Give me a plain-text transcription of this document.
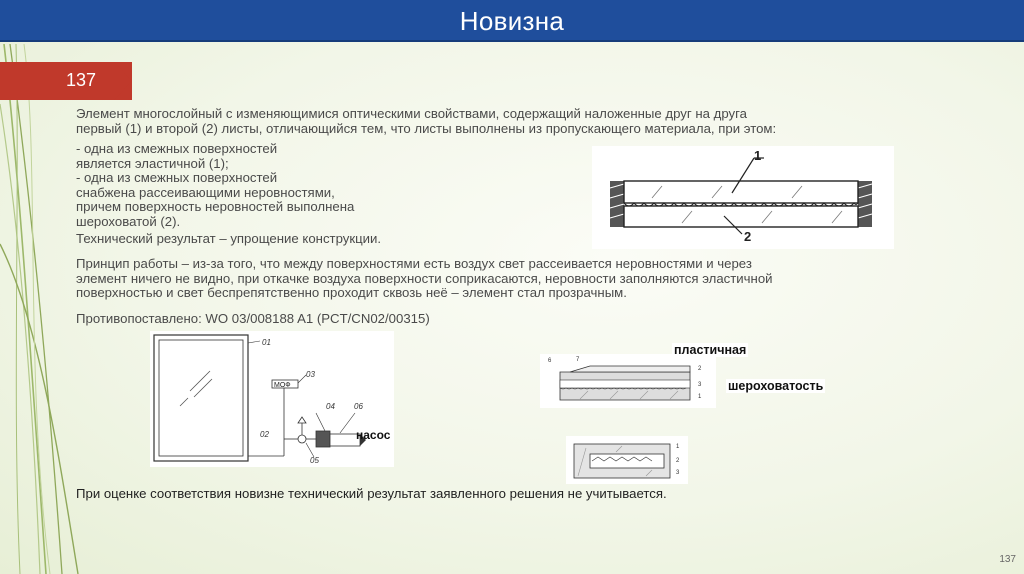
Новизна
137
Элемент многослойный с изменяющимися оптическими свойствами, содержащий наложенные друг на друга
первый (1) и второй (2) листы, отличающийся тем, что листы выполнены из пропускающего материала, при этом:
- одна из смежных поверхностей
является эластичной (1);
- одна из смежных поверхностей
снабжена рассеивающими неровностями,
причем поверхность неровностей выполнена
шероховатой (2).
Технический результат – упрощение конструкции.
Принцип работы – из-за того, что между поверхностями есть воздух свет рассеивается неровностями и через
элемент ничего не видно, при откачке воздуха поверхности соприкасаются, неровности заполняются эластичной
поверхностью и свет беспрепятственно проходит сквозь неё – элемент стал прозрачным.
Противопоставлено: WO 03/008188 A1 (PCT/CN02/00315)
1
2
01
МОФ
03
04 06
02
05
насос
6	7
2
3
1
1
2
3
пластичная
шероховатость
При оценке соответствия новизне технический результат заявленного решения не учитывается.
137
